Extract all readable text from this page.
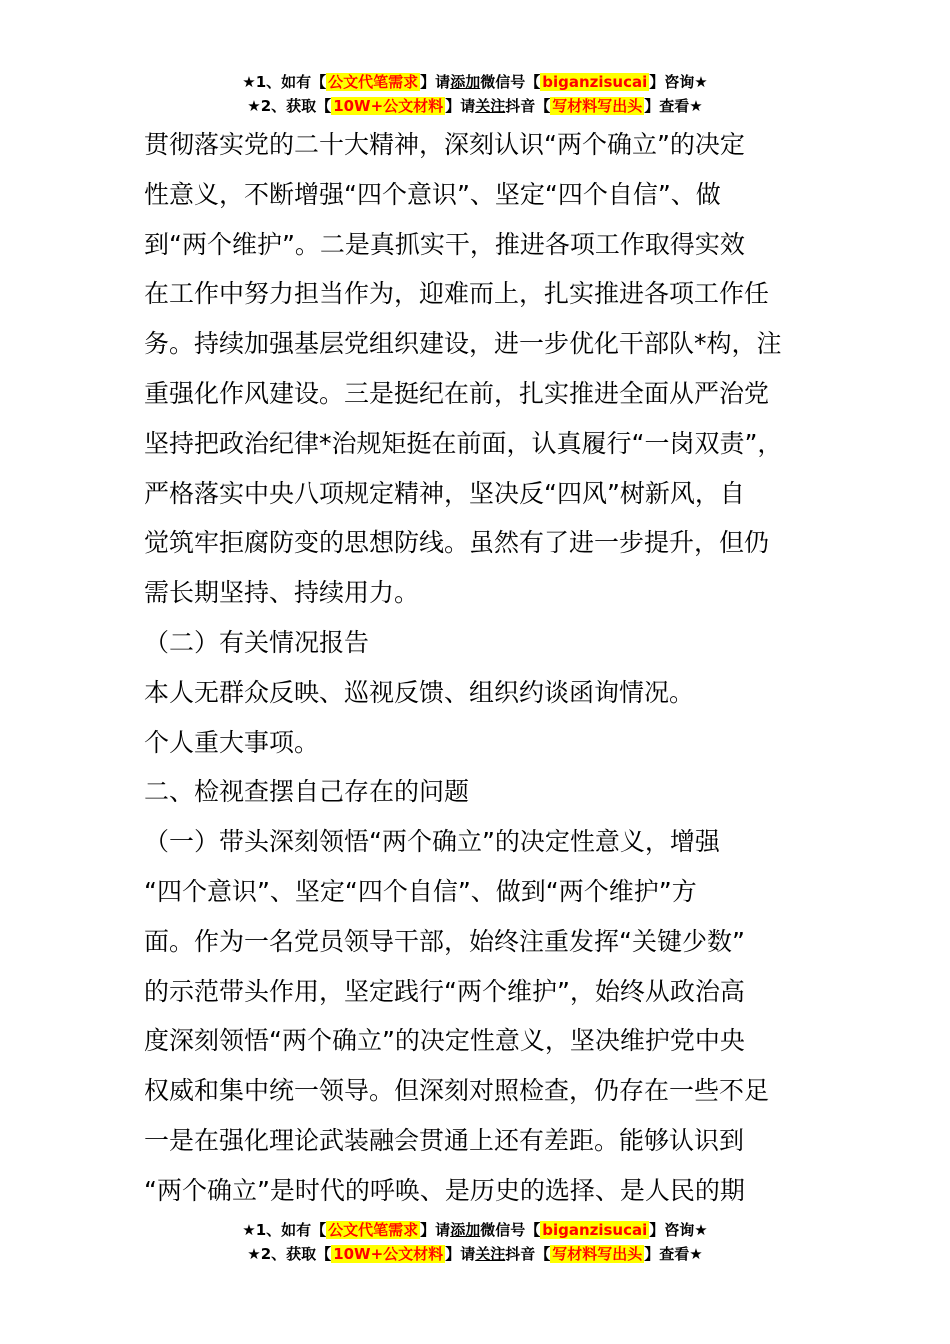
★1、如有【 公文代笔需求 】请添加微信号【 biganzisucai 】咨询★
★2、获取【 10W+公文材料 】请关注抖音【 写材料写出头 】查看★

贯彻落实党的二十大精神，深刻认识“两个确立”的决定

性意义，不断增强“四个意识”、坚定“四个自信”、做

到“两个维护”。二是真抓实干，推进各项工作取得实效

在工作中努力担当作为，迎难而上，扎实推进各项工作任

务。持续加强基层党组织建设，进一步优化干部队*构，注

重强化作风建设。三是挺纪在前，扎实推进全面从严治党

坚持把政治纪律*治规矩挺在前面，认真履行“一岗双责”，

严格落实中央八项规定精神，坚决反“四风”树新风，自

觉筑牢拒腐防变的思想防线。虽然有了进一步提升，但仍

需长期坚持、持续用力。

（二）有关情况报告

本人无群众反映、巡视反馈、组织约谈函询情况。

个人重大事项。

二、检视查摆自己存在的问题

（一）带头深刻领悟“两个确立”的决定性意义，增强

“四个意识”、坚定“四个自信”、做到“两个维护”方

面。作为一名党员领导干部，始终注重发挥“关键少数”

的示范带头作用，坚定践行“两个维护”，始终从政治高

度深刻领悟“两个确立”的决定性意义，坚决维护党中央

权威和集中统一领导。但深刻对照检查，仍存在一些不足

一是在强化理论武装融会贯通上还有差距。能够认识到

“两个确立”是时代的呼唤、是历史的选择、是人民的期

★1、如有【 公文代笔需求 】请添加微信号【 biganzisucai 】咨询★
★2、获取【 10W+公文材料 】请关注抖音【 写材料写出头 】查看★
